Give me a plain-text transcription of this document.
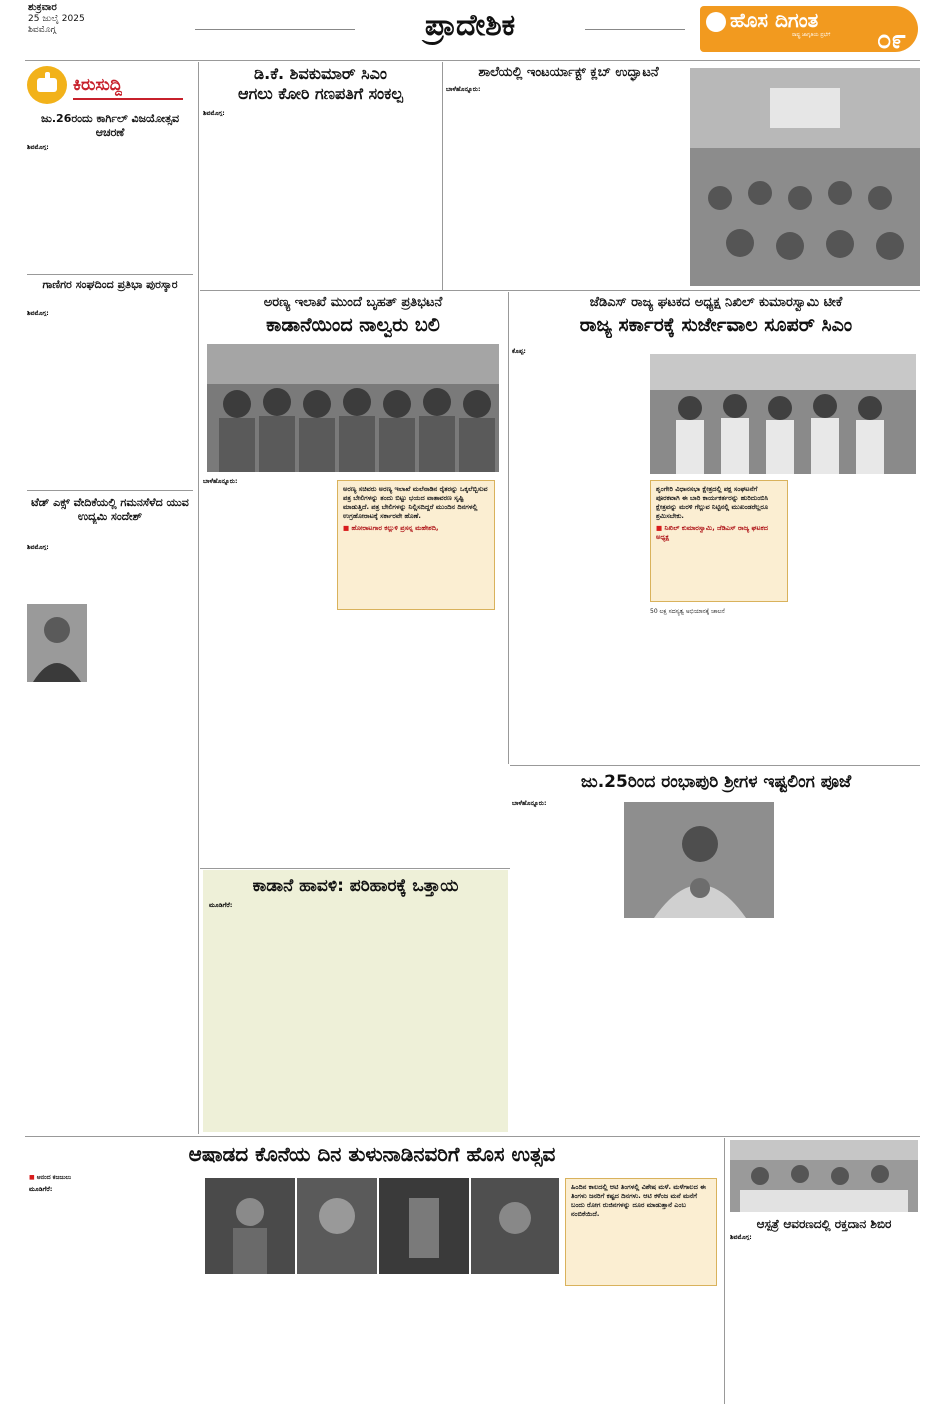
ಶುಕ್ರವಾರ
25 ಜುಲೈ 2025
ಶಿವಮೊಗ್ಗ	ಪ್ರಾದೇಶಿಕ	ಹೊಸ ದಿಗಂತ
ರಾಷ್ಟ್ರ ಜಾಗೃತಿಯ ಪ್ರಭೆಗೆ	೦೯
ಕಿರುಸುದ್ದಿ
ಜು.26ರಂದು ಕಾರ್ಗಿಲ್ ವಿಜಯೋತ್ಸವ ಆಚರಣೆ
ಶಿವಮೊಗ್ಗ:
ಗಾಣಿಗರ ಸಂಘದಿಂದ ಪ್ರತಿಭಾ ಪುರಸ್ಕಾರ
ಶಿವಮೊಗ್ಗ:
ಟೆಡ್ ಎಕ್ಸ್ ವೇದಿಕೆಯಲ್ಲಿ ಗಮನಸೆಳೆದ ಯುವ ಉದ್ಯಮಿ ಸಂದೇಶ್
ಶಿವಮೊಗ್ಗ:
ಡಿ.ಕೆ. ಶಿವಕುಮಾರ್ ಸಿಎಂ
ಆಗಲು ಕೋರಿ ಗಣಪತಿಗೆ ಸಂಕಲ್ಪ
ಶಿವಮೊಗ್ಗ:
ಶಾಲೆಯಲ್ಲಿ ಇಂಟರ್ಯಾಕ್ಟ್ ಕ್ಲಬ್ ಉದ್ಘಾಟನೆ
ಬಾಳೆಹೊನ್ನೂರು:
ಅರಣ್ಯ ಇಲಾಖೆ ಮುಂದೆ ಬೃಹತ್ ಪ್ರತಿಭಟನೆ
ಕಾಡಾನೆಯಿಂದ ನಾಲ್ವರು ಬಲಿ
ಬಾಳೆಹೊನ್ನೂರು:
ಅರಣ್ಯ ಸಚಿವರು ಅರಣ್ಯ ಇಲಾಖೆ ಮಲೆನಾಡಿನ ರೈತರನ್ನು ಒಕ್ಕಲೆಬ್ಬಿಸುವ ಪತ್ರ ಬೇಲಿಗಳನ್ನು ತಂದು ಬಿಟ್ಟು ಭಯದ ವಾತಾವರಣ ಸೃಷ್ಟಿ ಮಾಡುತ್ತಿದೆ. ಪತ್ರ ಬೇಲಿಗಳನ್ನು ನಿಲ್ಲಿಸದಿದ್ದರೆ ಮುಂದಿನ ದಿನಗಳಲ್ಲಿ ಉಗ್ರಹೋರಾಟಕ್ಕೆ ಸರ್ಕಾರವೇ ಹೊಣೆ.
■ ಹೋರಾಟಗಾರ ಕಲ್ಲುಳಿ ಪ್ರಸನ್ನ ಮಹೇಶದಿ,
ಜೆಡಿಎಸ್ ರಾಜ್ಯ ಘಟಕದ ಅಧ್ಯಕ್ಷ ನಿಖಿಲ್ ಕುಮಾರಸ್ವಾಮಿ ಟೀಕೆ
ರಾಜ್ಯ ಸರ್ಕಾರಕ್ಕೆ ಸುರ್ಜೇವಾಲ ಸೂಪರ್ ಸಿಎಂ
ಕೊಪ್ಪ:
ಶೃಂಗೇರಿ ವಿಧಾನಸಭಾ ಕ್ಷೇತ್ರದಲ್ಲಿ ಪಕ್ಷ ಸಂಘಟನೆಗೆ ಪೂರಕವಾಗಿ ಈ ಬಾರಿ ಕಾರ್ಯಕರ್ತರನ್ನು ಹುರಿದುಂಬಿಸಿ ಕ್ಷೇತ್ರವನ್ನು ಮರಳಿ ಗೆಲ್ಲುವ ನಿಟ್ಟಿನಲ್ಲಿ ಮುಖಂಡರೆಲ್ಲರೂ ಶ್ರಮಿಸಬೇಕು.
■ ನಿಖಿಲ್ ಕುಮಾರಸ್ವಾಮಿ, ಜೆಡಿಎಸ್ ರಾಜ್ಯ ಘಟಕದ ಅಧ್ಯಕ್ಷ
50 ಲಕ್ಷ ಸದಸ್ಯತ್ವ ಅಭಿಯಾನಕ್ಕೆ ಚಾಲನೆ
ಕಾಡಾನೆ ಹಾವಳಿ: ಪರಿಹಾರಕ್ಕೆ ಒತ್ತಾಯ
ಮೂಡಿಗೆರೆ:
ಜು.25ರಿಂದ ರಂಭಾಪುರಿ ಶ್ರೀಗಳ ಇಷ್ಟಲಿಂಗ ಪೂಜೆ
ಬಾಳೆಹೊನ್ನೂರು:
ಆಷಾಡದ ಕೊನೆಯ ದಿನ ತುಳುನಾಡಿನವರಿಗೆ ಹೊಸ ಉತ್ಸವ
■ ಆನಂದ ಕಜಜುಲು
ಮೂಡಿಗೆರೆ:	ಹಿಂದಿನ ಕಾಲದಲ್ಲಿ ಆಟಿ ತಿಂಗಳಲ್ಲಿ ವಿಶೇಷ ಮಳೆ. ಮಳೆಗಾಲದ ಈ ತಿಂಗಳು ಜನರಿಗೆ ಕಷ್ಟದ ದಿನಗಳು. ಆಟಿ ಕಳೆಂಜ ಮನೆ ಮನೆಗೆ ಬಂದು ರೋಗ ರುಜಿನಗಳನ್ನು ದೂರ ಮಾಡುತ್ತಾನೆ ಎಂಬ ನಂಬಿಕೆಯಿದೆ.
ಆಸ್ಪತ್ರೆ ಆವರಣದಲ್ಲಿ ರಕ್ತದಾನ ಶಿಬಿರ
ಶಿವಮೊಗ್ಗ:
